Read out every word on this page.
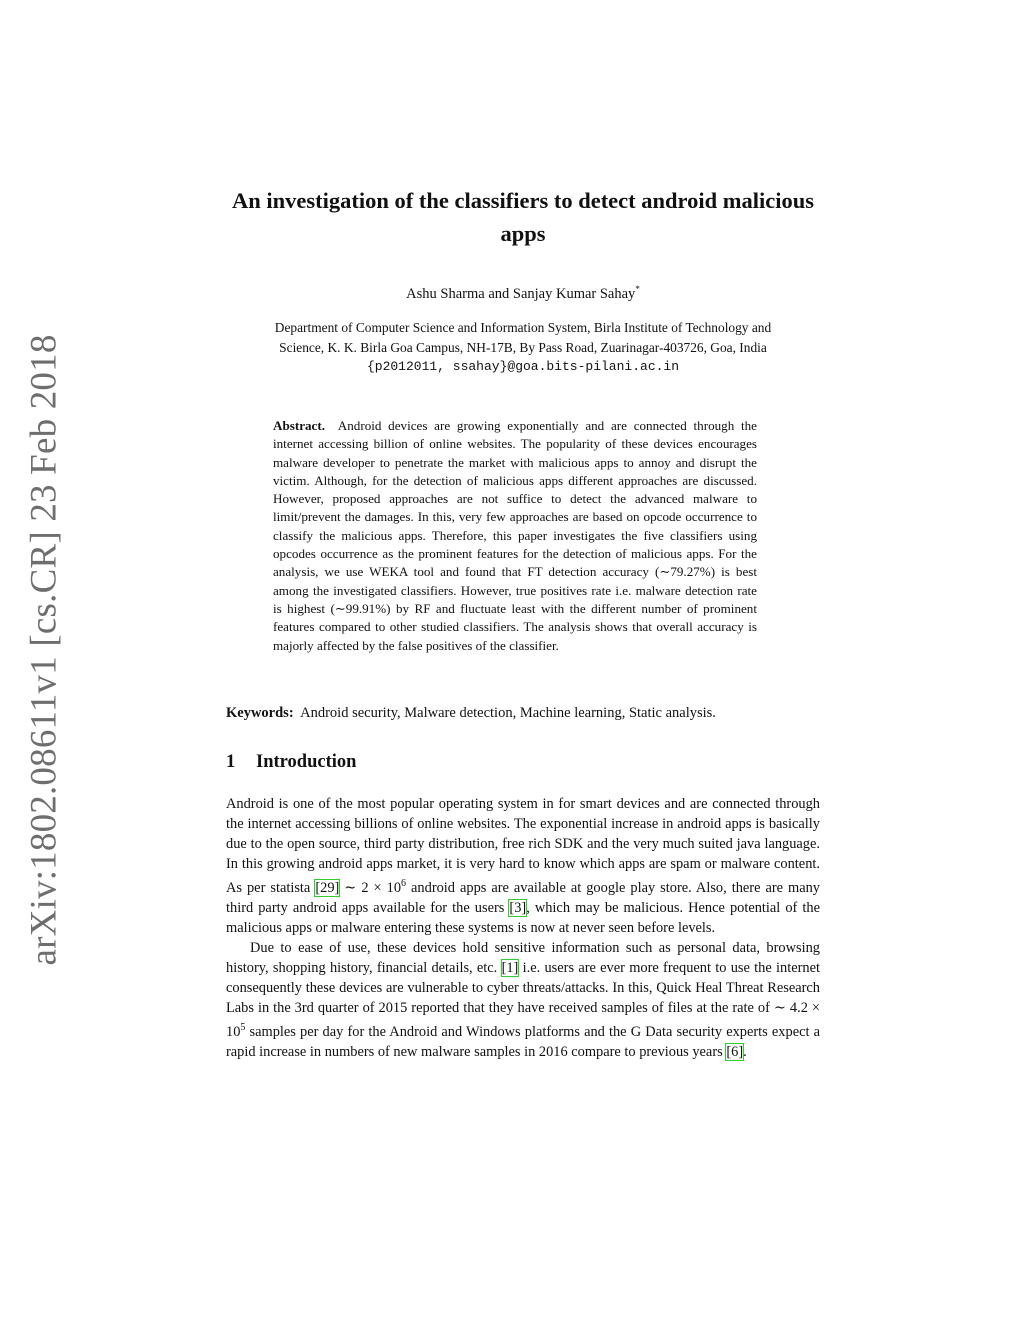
arXiv:1802.08611v1 [cs.CR] 23 Feb 2018
An investigation of the classifiers to detect android malicious apps
Ashu Sharma and Sanjay Kumar Sahay*
Department of Computer Science and Information System, Birla Institute of Technology and
Science, K. K. Birla Goa Campus, NH-17B, By Pass Road, Zuarinagar-403726, Goa, India
{p2012011, ssahay}@goa.bits-pilani.ac.in
Abstract. Android devices are growing exponentially and are connected through the internet accessing billion of online websites. The popularity of these devices encourages malware developer to penetrate the market with malicious apps to annoy and disrupt the victim. Although, for the detection of malicious apps different approaches are discussed. However, proposed approaches are not suffice to detect the advanced malware to limit/prevent the damages. In this, very few approaches are based on opcode occurrence to classify the malicious apps. Therefore, this paper investigates the five classifiers using opcodes occurrence as the prominent features for the detection of malicious apps. For the analysis, we use WEKA tool and found that FT detection accuracy (∼79.27%) is best among the investigated classifiers. However, true positives rate i.e. malware detection rate is highest (∼99.91%) by RF and fluctuate least with the different number of prominent features compared to other studied classifiers. The analysis shows that overall accuracy is majorly affected by the false positives of the classifier.
Keywords: Android security, Malware detection, Machine learning, Static analysis.
1 Introduction

Android is one of the most popular operating system in for smart devices and are connected through the internet accessing billions of online websites. The exponential increase in android apps is basically due to the open source, third party distribution, free rich SDK and the very much suited java language. In this growing android apps market, it is very hard to know which apps are spam or malware content. As per statista [29] ∼ $2 \times 10^6$ android apps are available at google play store. Also, there are many third party android apps available for the users [3], which may be malicious. Hence potential of the malicious apps or malware entering these systems is now at never seen before levels.

Due to ease of use, these devices hold sensitive information such as personal data, browsing history, shopping history, financial details, etc. [1] i.e. users are ever more frequent to use the internet consequently these devices are vulnerable to cyber threats/attacks. In this, Quick Heal Threat Research Labs in the 3rd quarter of 2015 reported that they have received samples of files at the rate of ∼ $4.2 \times 10^5$ samples per day for the Android and Windows platforms and the G Data security experts expect a rapid increase in numbers of new malware samples in 2016 compare to previous years [6].
